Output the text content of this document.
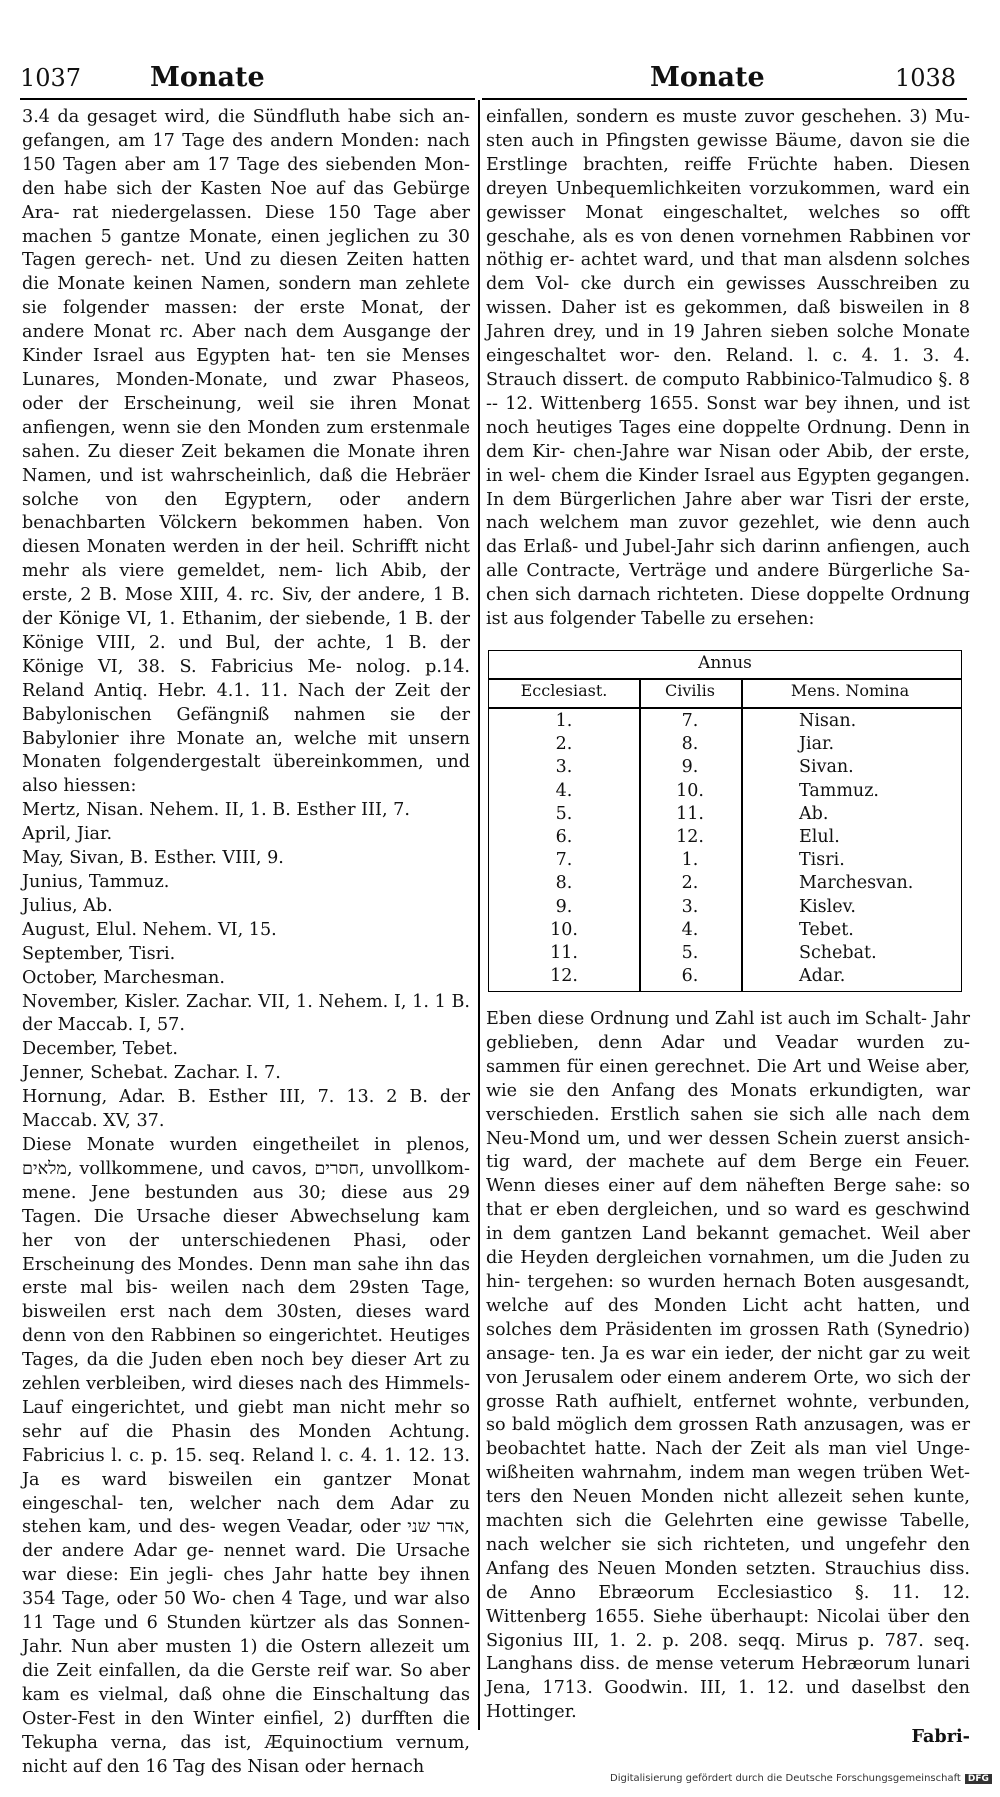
1037	Monate	Monate	1038

3.4 da gesaget wird, die Sündfluth habe sich an- gefangen, am 17 Tage des andern Monden: nach 150 Tagen aber am 17 Tage des siebenden Mon- den habe sich der Kasten Noe auf das Gebürge Ara- rat niedergelassen. Diese 150 Tage aber machen 5 gantze Monate, einen jeglichen zu 30 Tagen gerech- net. Und zu diesen Zeiten hatten die Monate keinen Namen, sondern man zehlete sie folgender massen: der erste Monat, der andere Monat rc. Aber nach dem Ausgange der Kinder Israel aus Egypten hat- ten sie Menses Lunares, Monden-Monate, und zwar Phaseos, oder der Erscheinung, weil sie ihren Monat anfiengen, wenn sie den Monden zum erstenmale sahen. Zu dieser Zeit bekamen die Monate ihren Namen, und ist wahrscheinlich, daß die Hebräer solche von den Egyptern, oder andern benachbarten Völckern bekommen haben. Von diesen Monaten werden in der heil. Schrifft nicht mehr als viere gemeldet, nem- lich Abib, der erste, 2 B. Mose XIII, 4. rc. Siv, der andere, 1 B. der Könige VI, 1. Ethanim, der siebende, 1 B. der Könige VIII, 2. und Bul, der achte, 1 B. der Könige VI, 38. S. Fabricius Me- nolog. p.14. Reland Antiq. Hebr. 4.1. 11. Nach der Zeit der Babylonischen Gefängniß nahmen sie der Babylonier ihre Monate an, welche mit unsern Monaten folgendergestalt übereinkommen, und also hiessen:

Mertz, Nisan. Nehem. II, 1. B. Esther III, 7.

April, Jiar.

May, Sivan, B. Esther. VIII, 9.

Junius, Tammuz.

Julius, Ab.

August, Elul. Nehem. VI, 15.

September, Tisri.

October, Marchesman.

November, Kisler. Zachar. VII, 1. Nehem. I, 1. 1 B. der Maccab. I, 57.

December, Tebet.

Jenner, Schebat. Zachar. I. 7.

Hornung, Adar. B. Esther III, 7. 13. 2 B. der Maccab. XV, 37.

Diese Monate wurden eingetheilet in plenos, מלאים, vollkommene, und cavos, חסרים, unvollkom- mene. Jene bestunden aus 30; diese aus 29 Tagen. Die Ursache dieser Abwechselung kam her von der unterschiedenen Phasi, oder Erscheinung des Mondes. Denn man sahe ihn das erste mal bis- weilen nach dem 29sten Tage, bisweilen erst nach dem 30sten, dieses ward denn von den Rabbinen so eingerichtet. Heutiges Tages, da die Juden eben noch bey dieser Art zu zehlen verbleiben, wird dieses nach des Himmels-Lauf eingerichtet, und giebt man nicht mehr so sehr auf die Phasin des Monden Achtung. Fabricius l. c. p. 15. seq. Reland l. c. 4. 1. 12. 13. Ja es ward bisweilen ein gantzer Monat eingeschal- ten, welcher nach dem Adar zu stehen kam, und des- wegen Veadar, oder אדר שני, der andere Adar ge- nennet ward. Die Ursache war diese: Ein jegli- ches Jahr hatte bey ihnen 354 Tage, oder 50 Wo- chen 4 Tage, und war also 11 Tage und 6 Stunden kürtzer als das Sonnen-Jahr. Nun aber musten 1) die Ostern allezeit um die Zeit einfallen, da die Gerste reif war. So aber kam es vielmal, daß ohne die Einschaltung das Oster-Fest in den Winter einfiel, 2) durfften die Tekupha verna, das ist, Æquinoctium vernum, nicht auf den 16 Tag des Nisan oder hernach

einfallen, sondern es muste zuvor geschehen. 3) Mu- sten auch in Pfingsten gewisse Bäume, davon sie die Erstlinge brachten, reiffe Früchte haben. Diesen dreyen Unbequemlichkeiten vorzukommen, ward ein gewisser Monat eingeschaltet, welches so offt geschahe, als es von denen vornehmen Rabbinen vor nöthig er- achtet ward, und that man alsdenn solches dem Vol- cke durch ein gewisses Ausschreiben zu wissen. Daher ist es gekommen, daß bisweilen in 8 Jahren drey, und in 19 Jahren sieben solche Monate eingeschaltet wor- den. Reland. l. c. 4. 1. 3. 4. Strauch dissert. de computo Rabbinico-Talmudico §. 8 -- 12. Wittenberg 1655. Sonst war bey ihnen, und ist noch heutiges Tages eine doppelte Ordnung. Denn in dem Kir- chen-Jahre war Nisan oder Abib, der erste, in wel- chem die Kinder Israel aus Egypten gegangen. In dem Bürgerlichen Jahre aber war Tisri der erste, nach welchem man zuvor gezehlet, wie denn auch das Erlaß- und Jubel-Jahr sich darinn anfiengen, auch alle Contracte, Verträge und andere Bürgerliche Sa- chen sich darnach richteten. Diese doppelte Ordnung ist aus folgender Tabelle zu ersehen:

Annus
Ecclesiast.	Civilis	Mens. Nomina
1.	7.	Nisan.
2.	8.	Jiar.
3.	9.	Sivan.
4.	10.	Tammuz.
5.	11.	Ab.
6.	12.	Elul.
7.	1.	Tisri.
8.	2.	Marchesvan.
9.	3.	Kislev.
10.	4.	Tebet.
11.	5.	Schebat.
12.	6.	Adar.

Eben diese Ordnung und Zahl ist auch im Schalt- Jahr geblieben, denn Adar und Veadar wurden zu- sammen für einen gerechnet. Die Art und Weise aber, wie sie den Anfang des Monats erkundigten, war verschieden. Erstlich sahen sie sich alle nach dem Neu-Mond um, und wer dessen Schein zuerst ansich- tig ward, der machete auf dem Berge ein Feuer. Wenn dieses einer auf dem näheften Berge sahe: so that er eben dergleichen, und so ward es geschwind in dem gantzen Land bekannt gemachet. Weil aber die Heyden dergleichen vornahmen, um die Juden zu hin- tergehen: so wurden hernach Boten ausgesandt, welche auf des Monden Licht acht hatten, und solches dem Präsidenten im grossen Rath (Synedrio) ansage- ten. Ja es war ein ieder, der nicht gar zu weit von Jerusalem oder einem anderem Orte, wo sich der grosse Rath aufhielt, entfernet wohnte, verbunden, so bald möglich dem grossen Rath anzusagen, was er beobachtet hatte. Nach der Zeit als man viel Unge- wißheiten wahrnahm, indem man wegen trüben Wet- ters den Neuen Monden nicht allezeit sehen kunte, machten sich die Gelehrten eine gewisse Tabelle, nach welcher sie sich richteten, und ungefehr den Anfang des Neuen Monden setzten. Strauchius diss. de Anno Ebræorum Ecclesiastico §. 11. 12. Wittenberg 1655. Siehe überhaupt: Nicolai über den Sigonius III, 1. 2. p. 208. seqq. Mirus p. 787. seq. Langhans diss. de mense veterum Hebræorum lunari Jena, 1713. Goodwin. III, 1. 12. und daselbst den Hottinger.

Fabri-

Digitalisierung gefördert durch die Deutsche Forschungsgemeinschaft DFG
